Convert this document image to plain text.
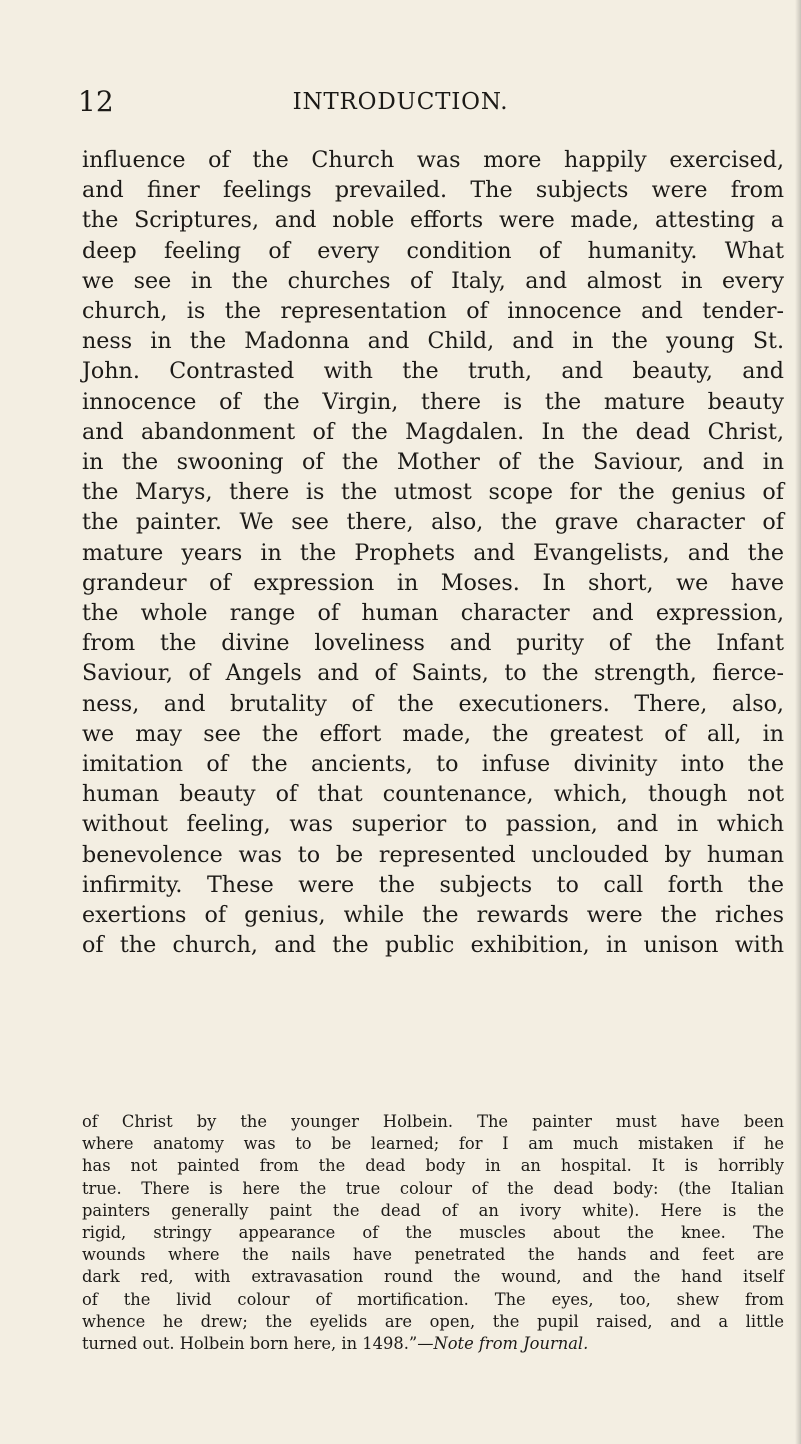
12	INTRODUCTION.

influence of the Church was more happily exercised,
and finer feelings prevailed. The subjects were from
the Scriptures, and noble efforts were made, attesting a
deep feeling of every condition of humanity. What
we see in the churches of Italy, and almost in every
church, is the representation of innocence and tender-
ness in the Madonna and Child, and in the young St.
John. Contrasted with the truth, and beauty, and
innocence of the Virgin, there is the mature beauty
and abandonment of the Magdalen. In the dead Christ,
in the swooning of the Mother of the Saviour, and in
the Marys, there is the utmost scope for the genius of
the painter. We see there, also, the grave character of
mature years in the Prophets and Evangelists, and the
grandeur of expression in Moses. In short, we have
the whole range of human character and expression,
from the divine loveliness and purity of the Infant
Saviour, of Angels and of Saints, to the strength, fierce-
ness, and brutality of the executioners. There, also,
we may see the effort made, the greatest of all, in
imitation of the ancients, to infuse divinity into the
human beauty of that countenance, which, though not
without feeling, was superior to passion, and in which
benevolence was to be represented unclouded by human
infirmity. These were the subjects to call forth the
exertions of genius, while the rewards were the riches
of the church, and the public exhibition, in unison with

of Christ by the younger Holbein. The painter must have been
where anatomy was to be learned; for I am much mistaken if he
has not painted from the dead body in an hospital. It is horribly
true. There is here the true colour of the dead body: (the Italian
painters generally paint the dead of an ivory white). Here is the
rigid, stringy appearance of the muscles about the knee. The
wounds where the nails have penetrated the hands and feet are
dark red, with extravasation round the wound, and the hand itself
of the livid colour of mortification. The eyes, too, shew from
whence he drew; the eyelids are open, the pupil raised, and a little
turned out. Holbein born here, in 1498.”—Note from Journal.
